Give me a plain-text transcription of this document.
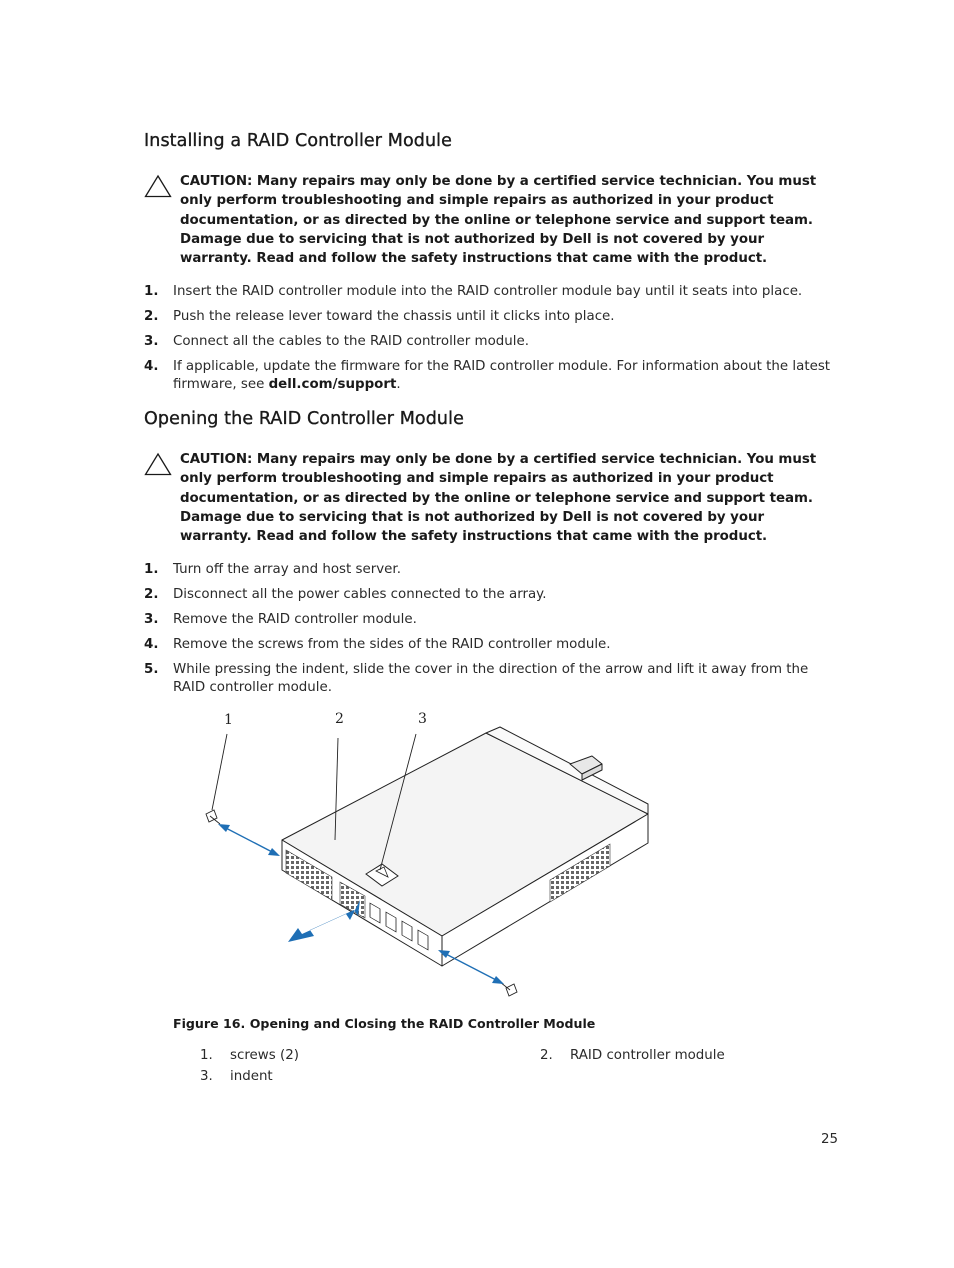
Installing a RAID Controller Module

CAUTION: Many repairs may only be done by a certified service technician. You must only perform troubleshooting and simple repairs as authorized in your product documentation, or as directed by the online or telephone service and support team. Damage due to servicing that is not authorized by Dell is not covered by your warranty. Read and follow the safety instructions that came with the product.

1. Insert the RAID controller module into the RAID controller module bay until it seats into place.
2. Push the release lever toward the chassis until it clicks into place.
3. Connect all the cables to the RAID controller module.
4. If applicable, update the firmware for the RAID controller module. For information about the latest firmware, see dell.com/support.
Opening the RAID Controller Module

CAUTION: Many repairs may only be done by a certified service technician. You must only perform troubleshooting and simple repairs as authorized in your product documentation, or as directed by the online or telephone service and support team. Damage due to servicing that is not authorized by Dell is not covered by your warranty. Read and follow the safety instructions that came with the product.

1. Turn off the array and host server.
2. Disconnect all the power cables connected to the array.
3. Remove the RAID controller module.
4. Remove the screws from the sides of the RAID controller module.
5. While pressing the indent, slide the cover in the direction of the arrow and lift it away from the RAID controller module.
1	2	3

Figure 16. Opening and Closing the RAID Controller Module

1. screws (2)	2. RAID controller module
3. indent
25
